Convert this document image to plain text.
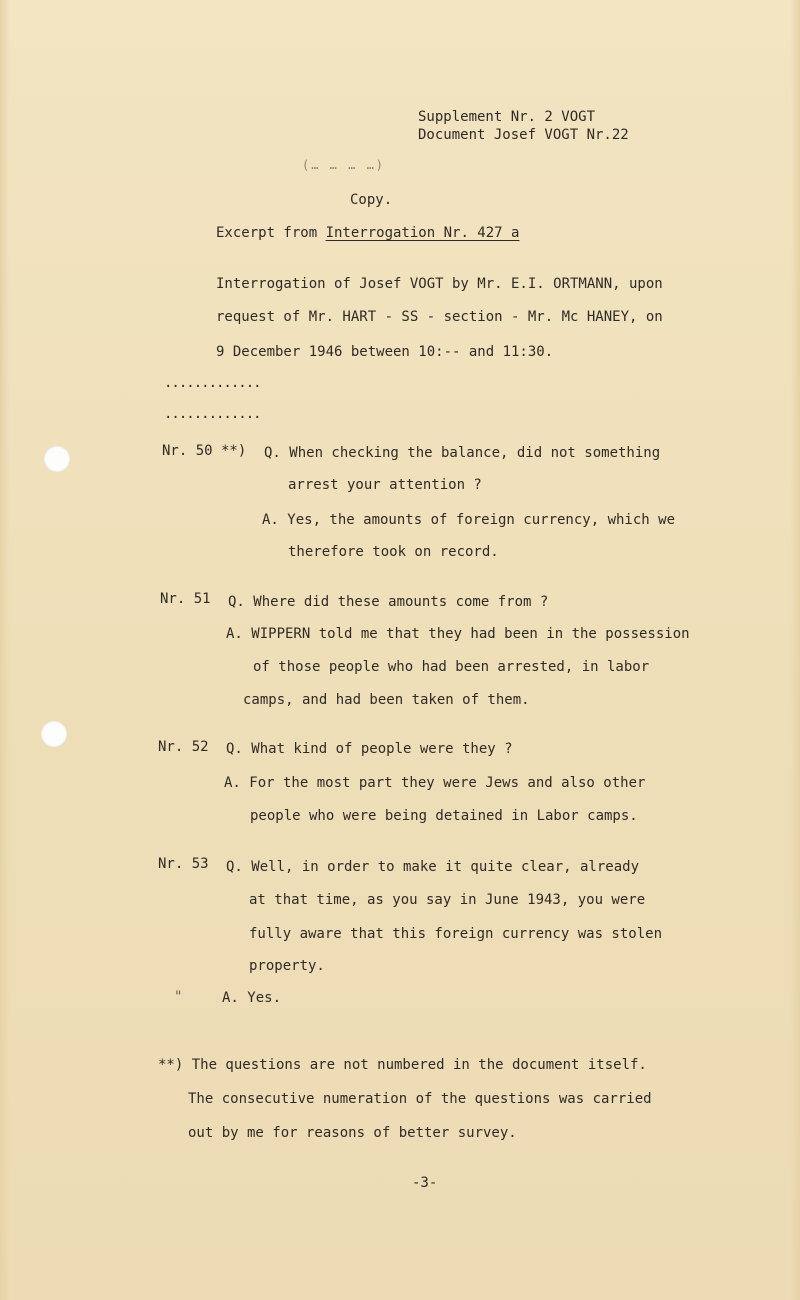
Supplement Nr. 2 VOGT
Document Josef VOGT Nr.22
(… … … …)
Copy.
Excerpt from Interrogation Nr. 427 a
Interrogation of Josef VOGT by Mr. E.I. ORTMANN, upon
request of Mr. HART - SS - section - Mr. Mc HANEY, on
9 December 1946 between 10:-- and 11:30.
.............
.............
Nr. 50 **) Q. When checking the balance, did not something
arrest your attention ?
A. Yes, the amounts of foreign currency, which we
therefore took on record.
Nr. 51 Q. Where did these amounts come from ?
A. WIPPERN told me that they had been in the possession
of those people who had been arrested, in labor
camps, and had been taken of them.
Nr. 52 Q. What kind of people were they ?
A. For the most part they were Jews and also other
people who were being detained in Labor camps.
Nr. 53 Q. Well, in order to make it quite clear, already
at that time, as you say in June 1943, you were
fully aware that this foreign currency was stolen
property.
"	A. Yes.
**) The questions are not numbered in the document itself.
The consecutive numeration of the questions was carried
out by me for reasons of better survey.
-3-
